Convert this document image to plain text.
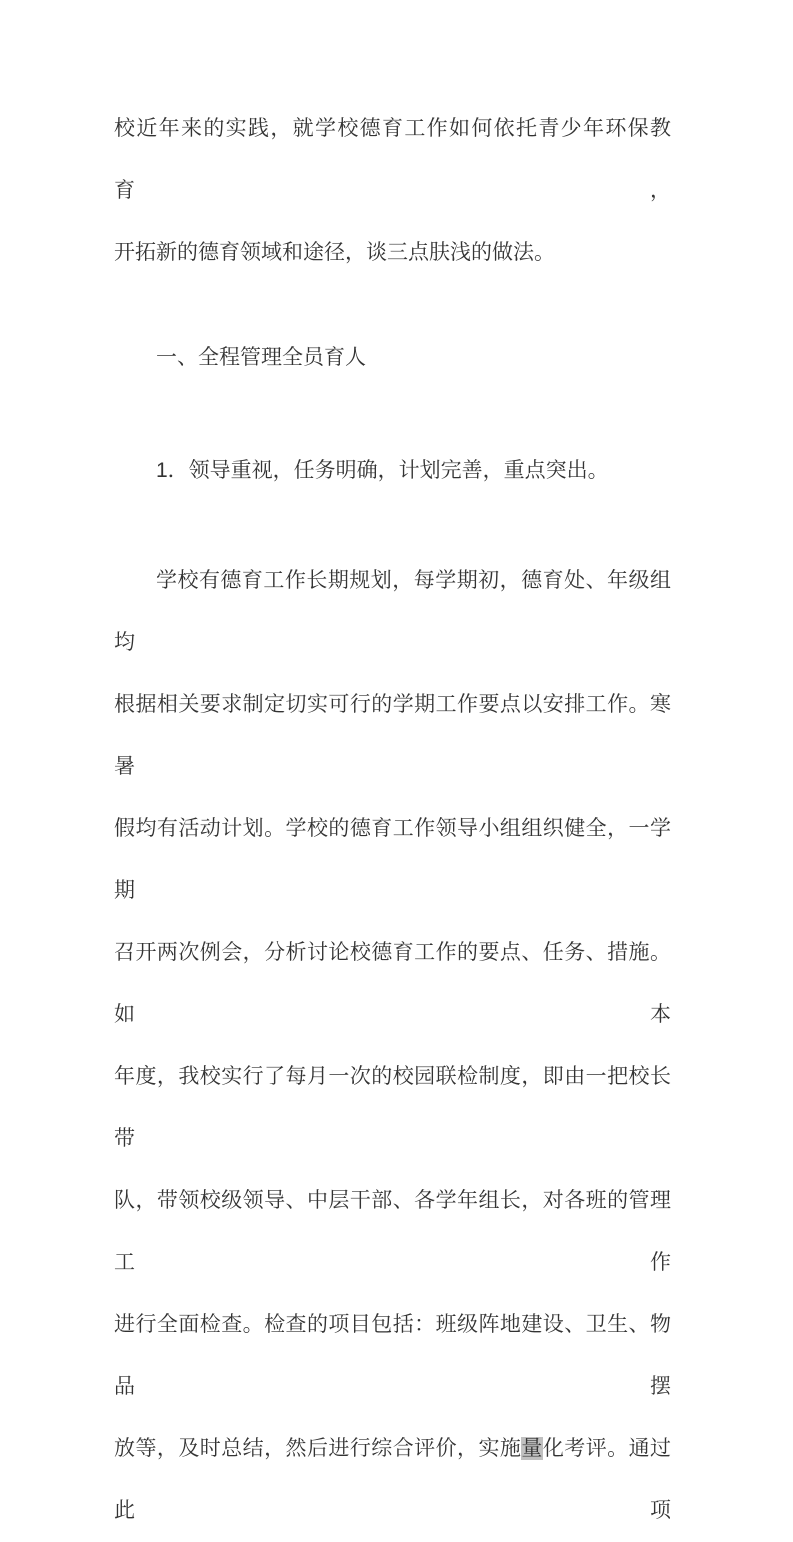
校近年来的实践，就学校德育工作如何依托青少年环保教育，

开拓新的德育领域和途径，谈三点肤浅的做法。

一、全程管理全员育人

1．领导重视，任务明确，计划完善，重点突出。

学校有德育工作长期规划，每学期初，德育处、年级组均

根据相关要求制定切实可行的学期工作要点以安排工作。寒暑

假均有活动计划。学校的德育工作领导小组组织健全，一学期

召开两次例会，分析讨论校德育工作的要点、任务、措施。如本

年度，我校实行了每月一次的校园联检制度，即由一把校长带

队，带领校级领导、中层干部、各学年组长，对各班的管理工作

进行全面检查。检查的项目包括：班级阵地建设、卫生、物品摆

放等，及时总结，然后进行综合评价，实施量化考评。通过此项
